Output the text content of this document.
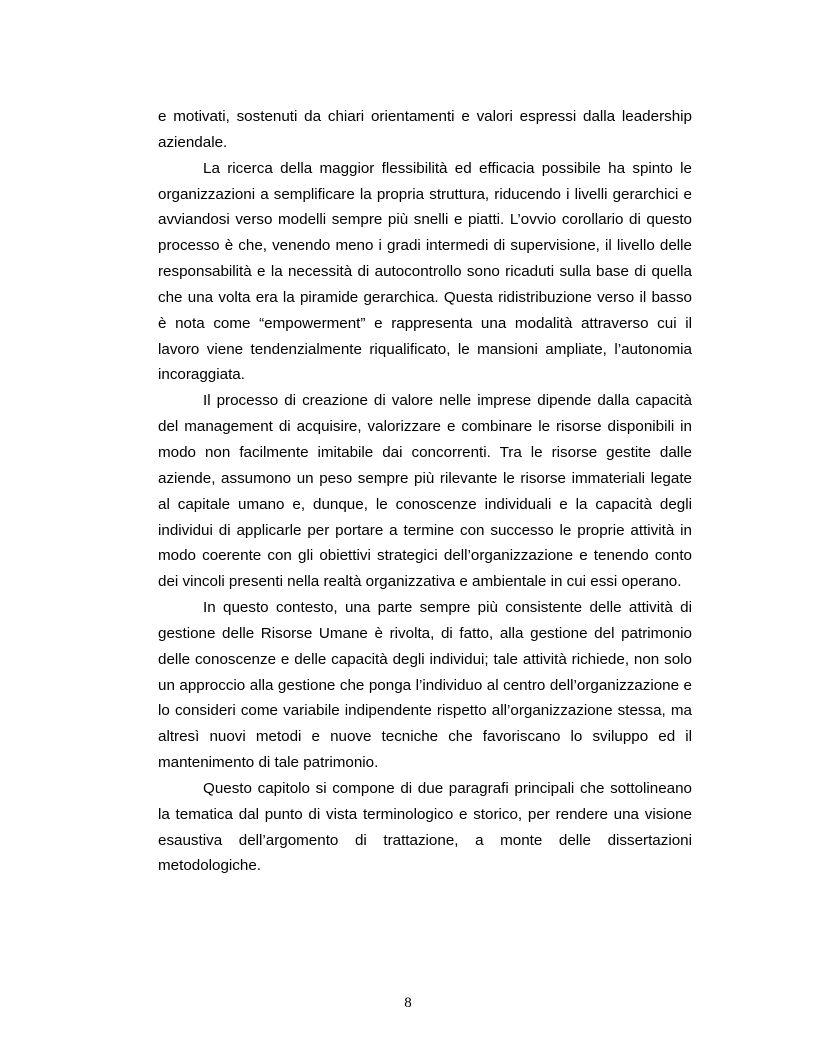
e motivati, sostenuti da chiari orientamenti e valori espressi dalla leadership aziendale.

La ricerca della maggior flessibilità ed efficacia possibile ha spinto le organizzazioni a semplificare la propria struttura, riducendo i livelli gerarchici e avviandosi verso modelli sempre più snelli e piatti. L’ovvio corollario di questo processo è che, venendo meno i gradi intermedi di supervisione, il livello delle responsabilità e la necessità di autocontrollo sono ricaduti sulla base di quella che una volta era la piramide gerarchica. Questa ridistribuzione verso il basso è nota come “empowerment” e rappresenta una modalità attraverso cui il lavoro viene tendenzialmente riqualificato, le mansioni ampliate, l’autonomia incoraggiata.

Il processo di creazione di valore nelle imprese dipende dalla capacità del management di acquisire, valorizzare e combinare le risorse disponibili in modo non facilmente imitabile dai concorrenti. Tra le risorse gestite dalle aziende, assumono un peso sempre più rilevante le risorse immateriali legate al capitale umano e, dunque, le conoscenze individuali e la capacità degli individui di applicarle per portare a termine con successo le proprie attività in modo coerente con gli obiettivi strategici dell’organizzazione e tenendo conto dei vincoli presenti nella realtà organizzativa e ambientale in cui essi operano.

In questo contesto, una parte sempre più consistente delle attività di gestione delle Risorse Umane è rivolta, di fatto, alla gestione del patrimonio delle conoscenze e delle capacità degli individui; tale attività richiede, non solo un approccio alla gestione che ponga l’individuo al centro dell’organizzazione e lo consideri come variabile indipendente rispetto all’organizzazione stessa, ma altresì nuovi metodi e nuove tecniche che favoriscano lo sviluppo ed il mantenimento di tale patrimonio.

Questo capitolo si compone di due paragrafi principali che sottolineano la tematica dal punto di vista terminologico e storico, per rendere una visione esaustiva dell’argomento di trattazione, a monte delle dissertazioni metodologiche.

8
